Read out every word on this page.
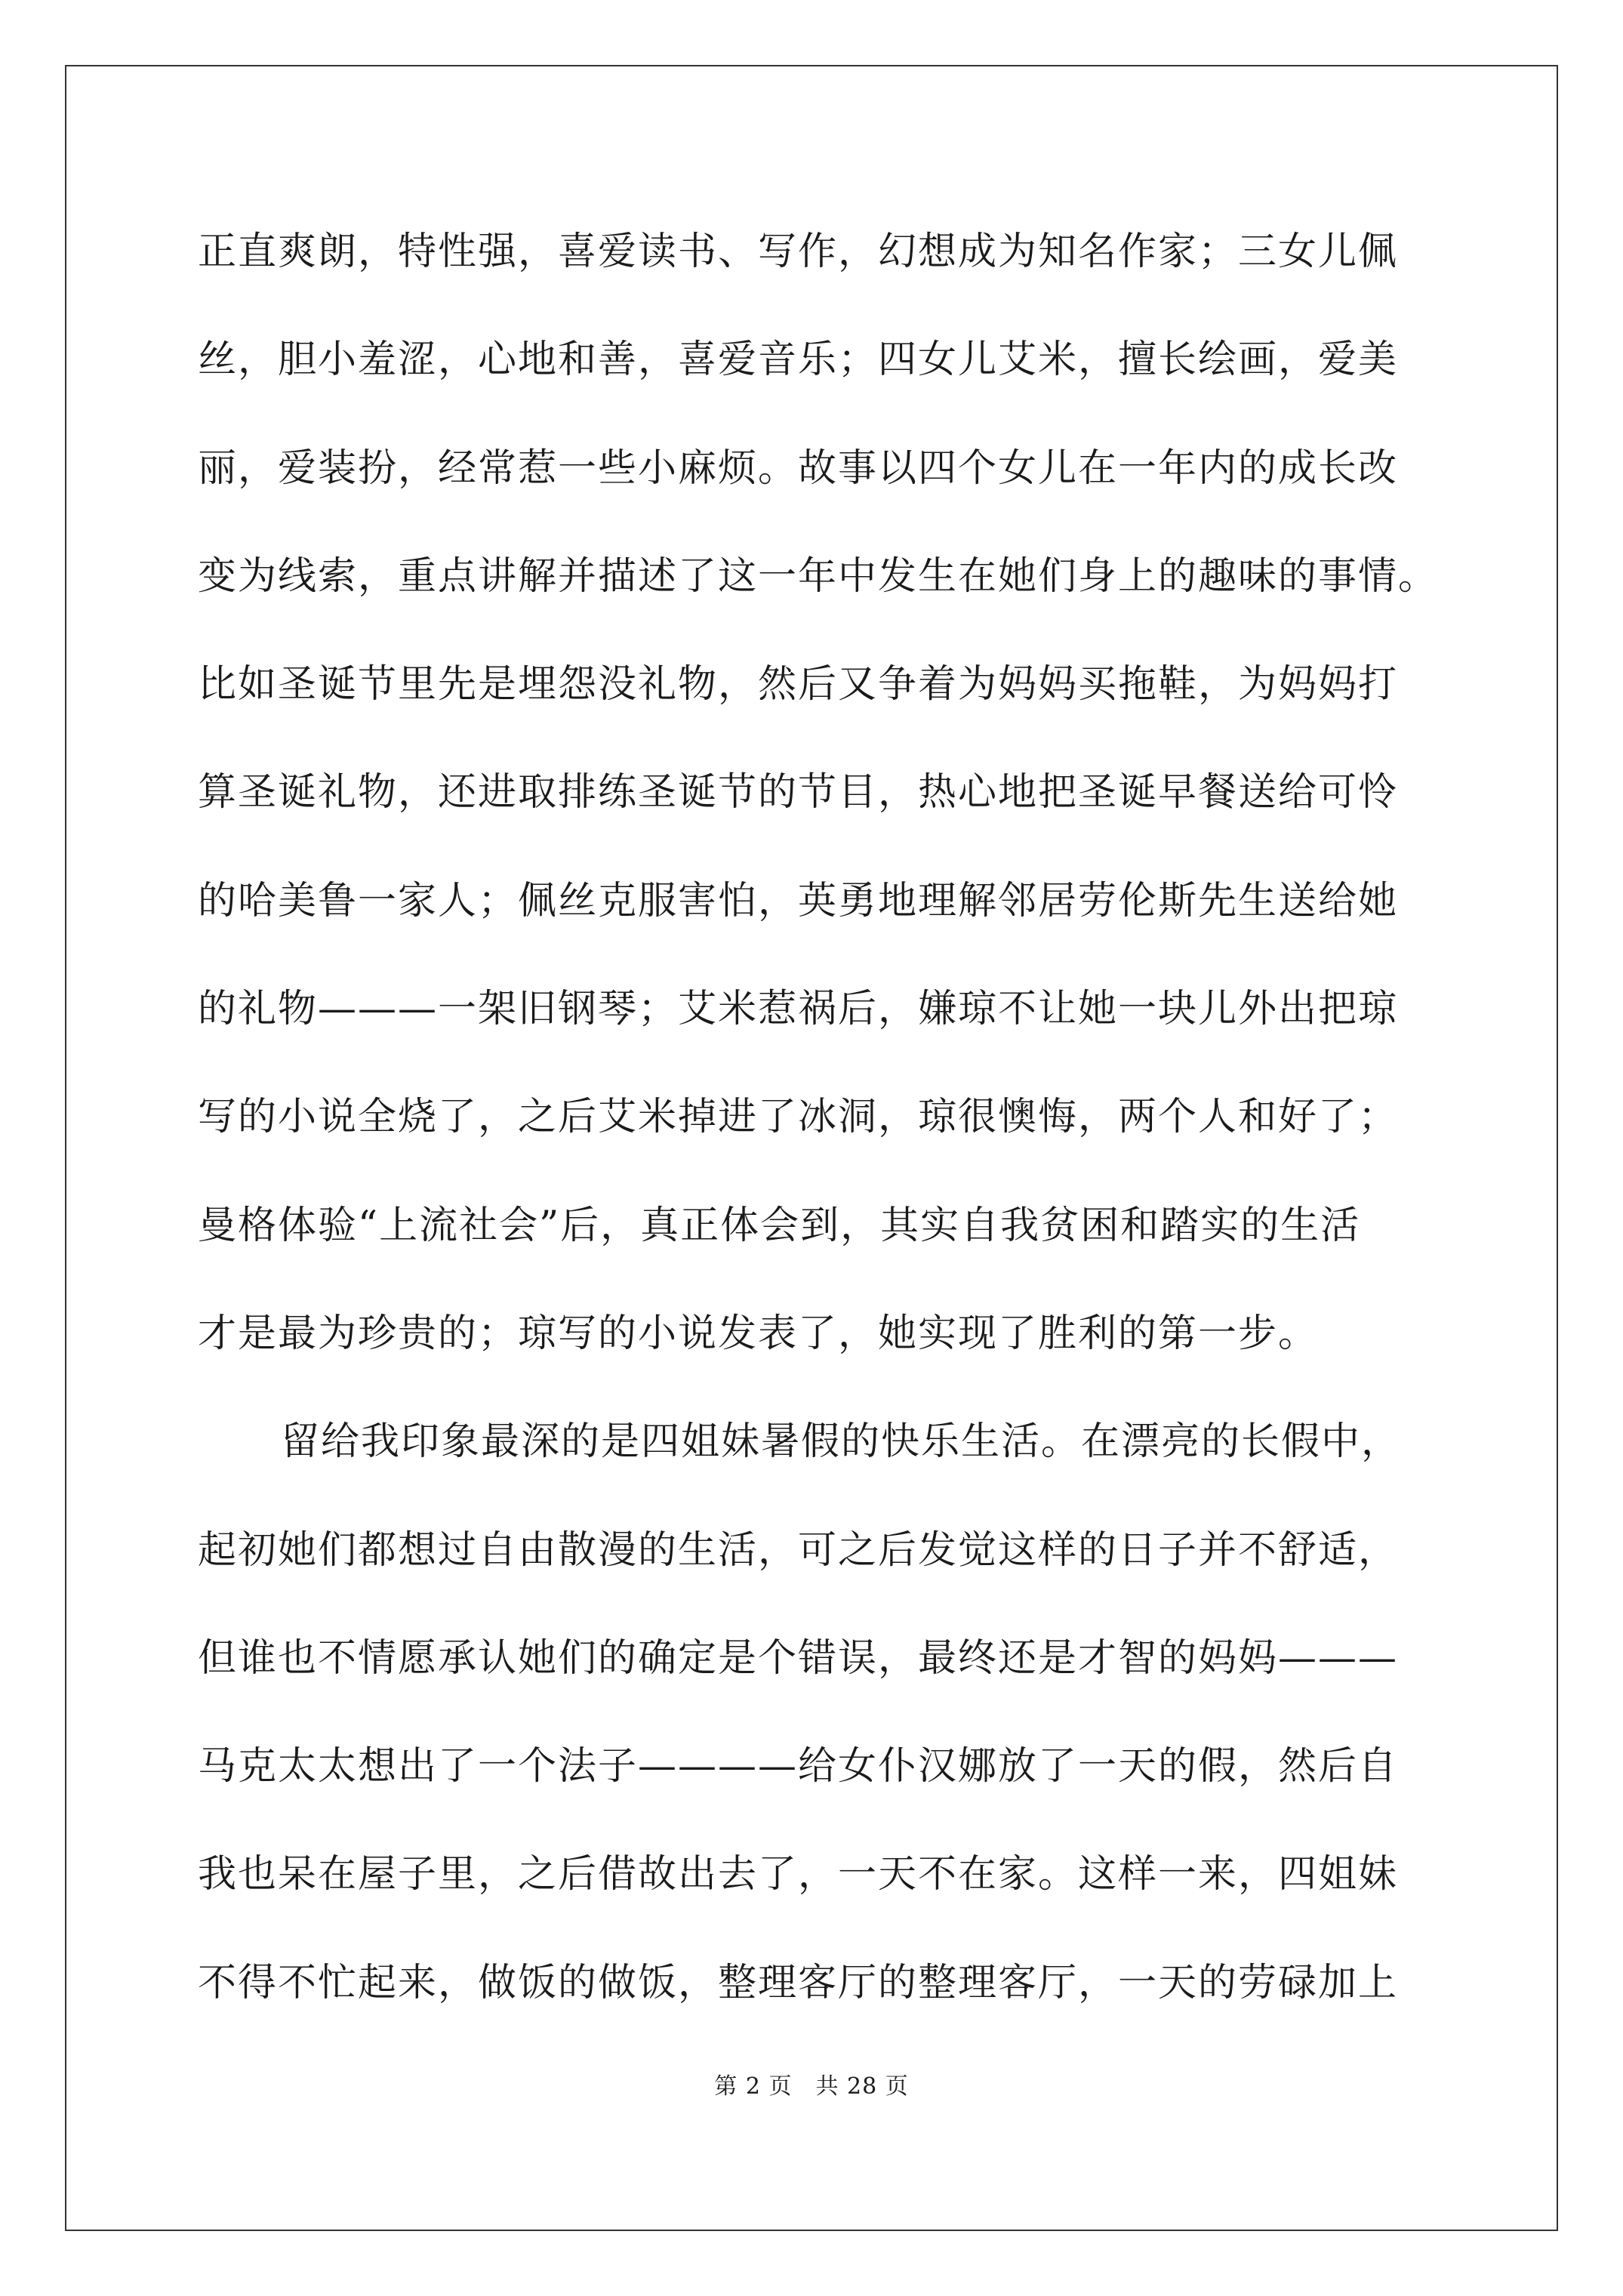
正直爽朗，特性强，喜爱读书、写作，幻想成为知名作家；三女儿佩
丝，胆小羞涩，心地和善，喜爱音乐；四女儿艾米，擅长绘画，爱美
丽，爱装扮，经常惹一些小麻烦。故事以四个女儿在一年内的成长改
变为线索，重点讲解并描述了这一年中发生在她们身上的趣味的事情。
比如圣诞节里先是埋怨没礼物，然后又争着为妈妈买拖鞋，为妈妈打
算圣诞礼物，还进取排练圣诞节的节目，热心地把圣诞早餐送给可怜
的哈美鲁一家人；佩丝克服害怕，英勇地理解邻居劳伦斯先生送给她
的礼物———一架旧钢琴；艾米惹祸后，嫌琼不让她一块儿外出把琼
写的小说全烧了，之后艾米掉进了冰洞，琼很懊悔，两个人和好了；
曼格体验“上流社会”后，真正体会到，其实自我贫困和踏实的生活
才是最为珍贵的；琼写的小说发表了，她实现了胜利的第一步。
留给我印象最深的是四姐妹暑假的快乐生活。在漂亮的长假中，
起初她们都想过自由散漫的生活，可之后发觉这样的日子并不舒适，
但谁也不情愿承认她们的确定是个错误，最终还是才智的妈妈———
马克太太想出了一个法子————给女仆汉娜放了一天的假，然后自
我也呆在屋子里，之后借故出去了，一天不在家。这样一来，四姐妹
不得不忙起来，做饭的做饭，整理客厅的整理客厅，一天的劳碌加上
第 2 页　共 28 页
